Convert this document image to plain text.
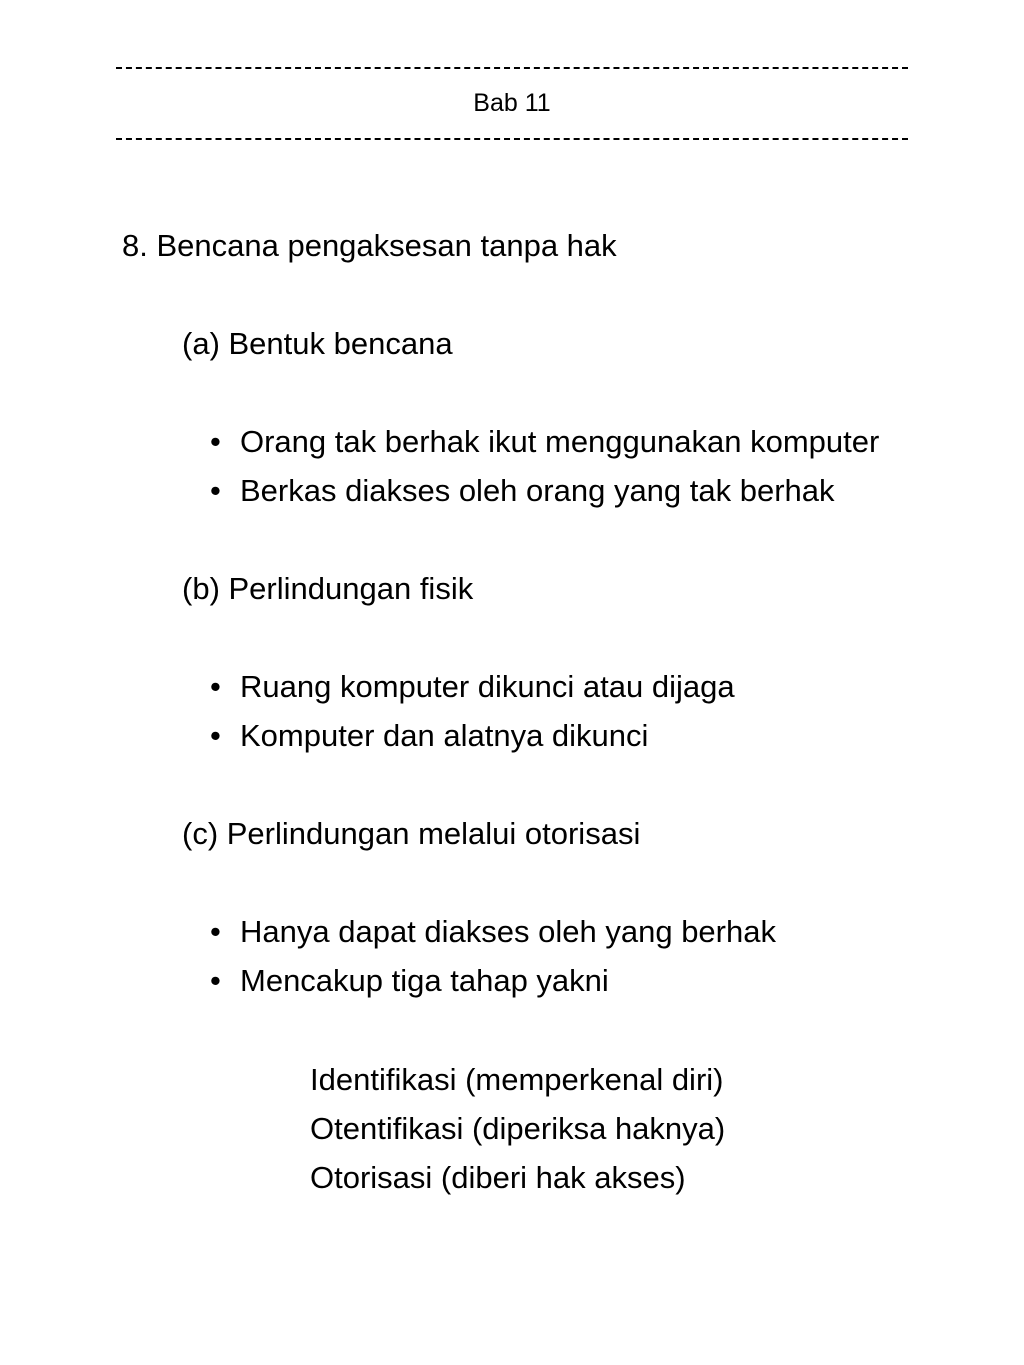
Bab 11
8. Bencana pengaksesan tanpa hak
(a) Bentuk bencana
• Orang tak berhak ikut menggunakan komputer
• Berkas diakses oleh orang yang tak berhak
(b) Perlindungan fisik
• Ruang komputer dikunci atau dijaga
• Komputer dan alatnya dikunci
(c) Perlindungan melalui otorisasi
• Hanya dapat diakses oleh yang berhak
• Mencakup tiga tahap yakni
Identifikasi (memperkenal diri)
Otentifikasi (diperiksa haknya)
Otorisasi (diberi hak akses)
